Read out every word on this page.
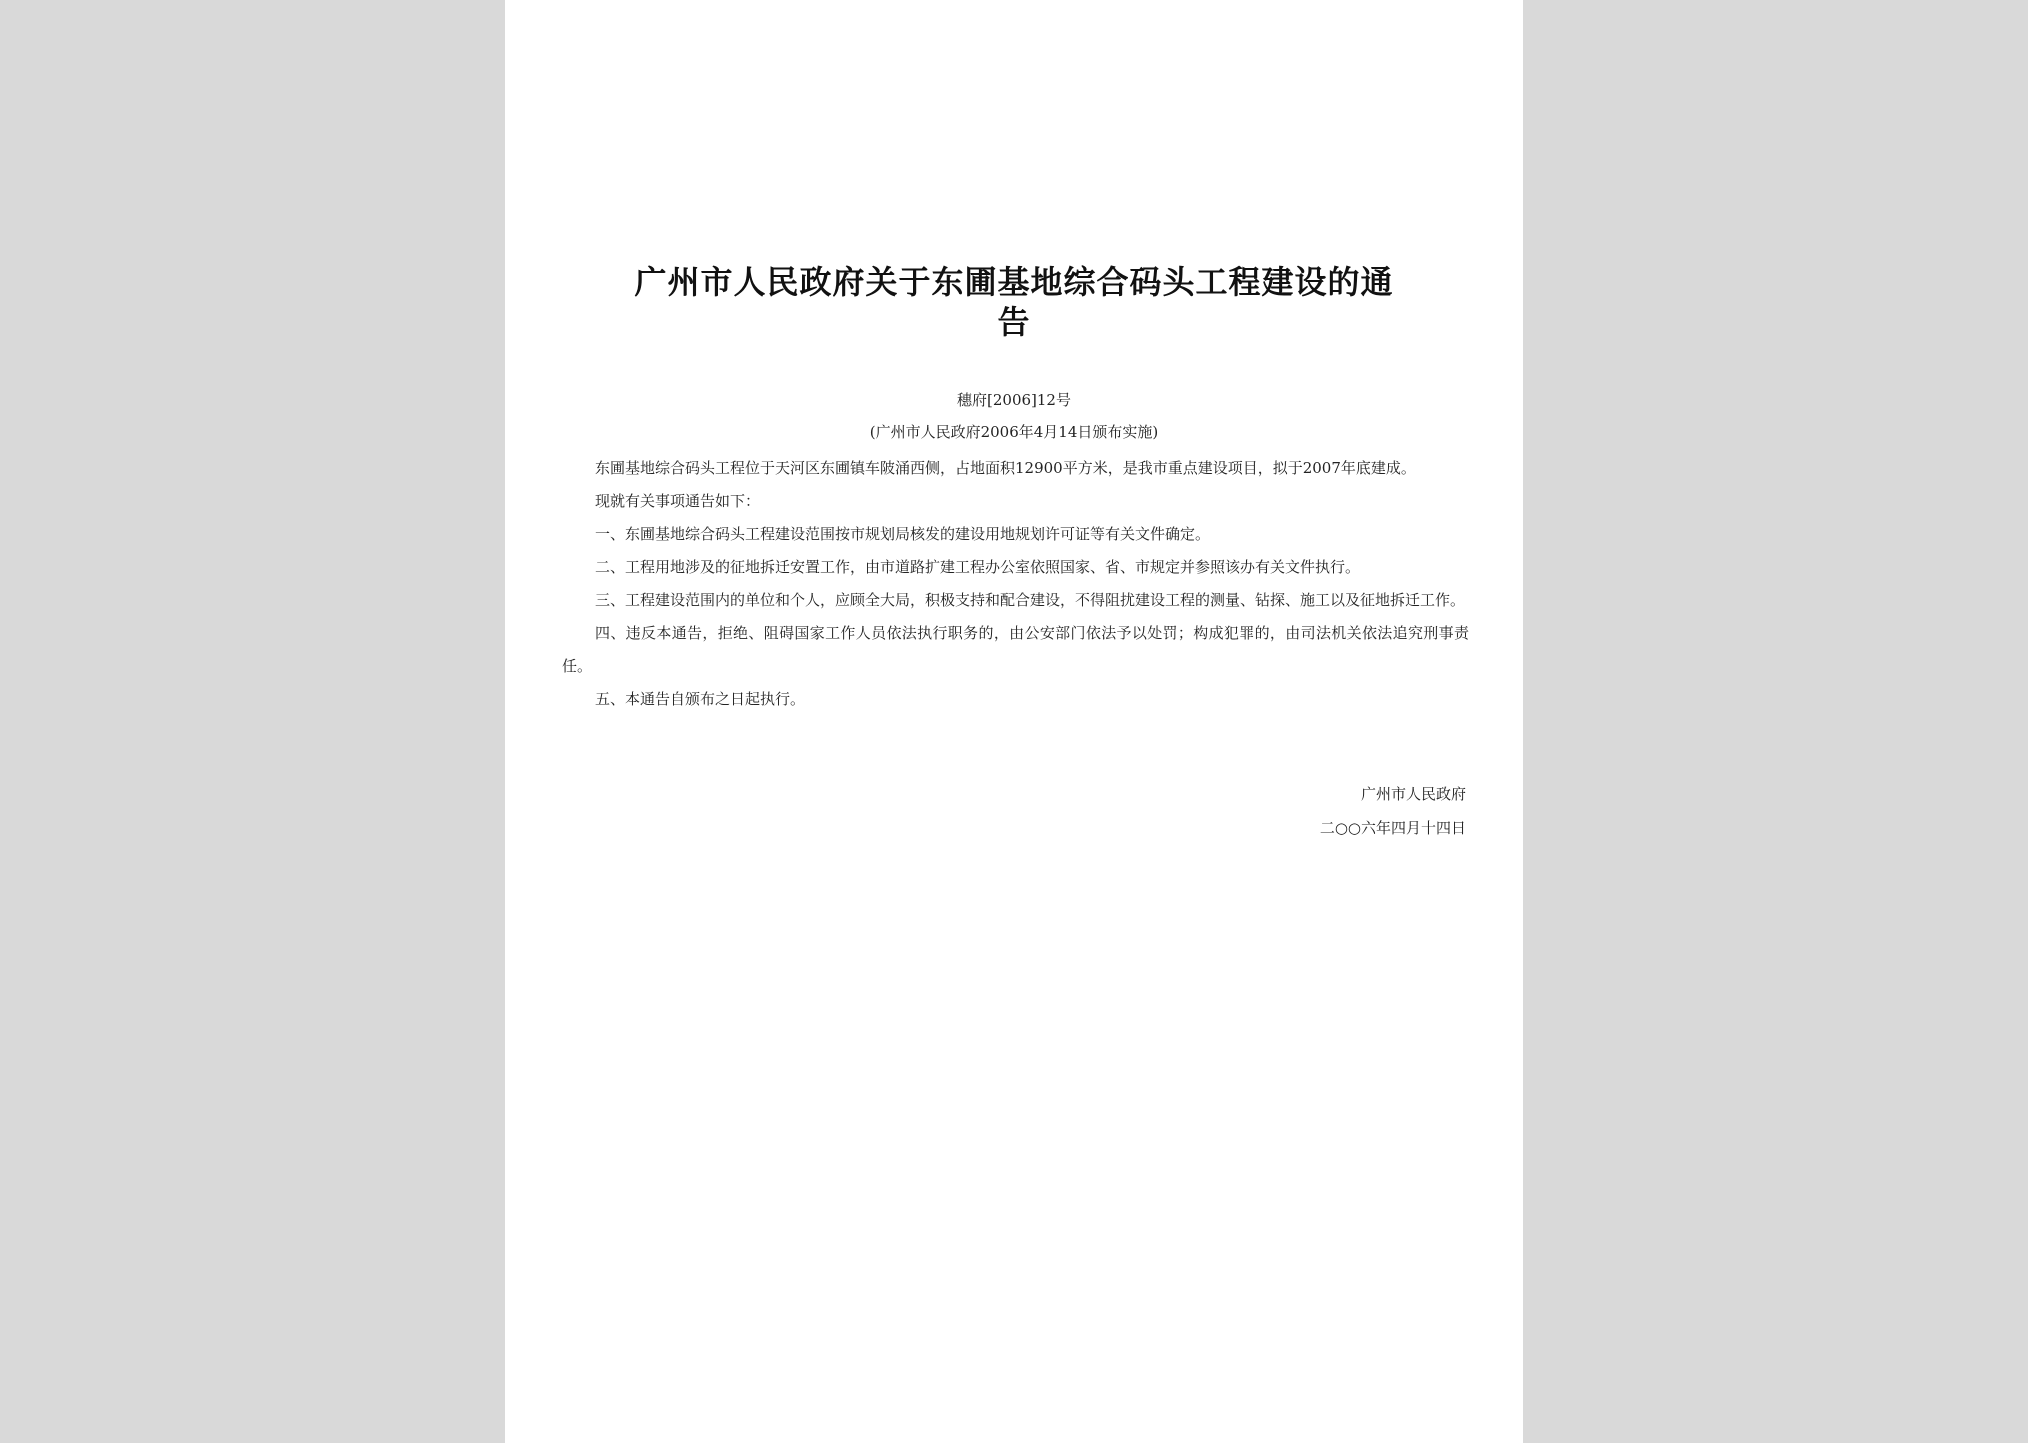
广州市人民政府关于东圃基地综合码头工程建设的通
告
穗府[2006]12号
(广州市人民政府2006年4月14日颁布实施)

东圃基地综合码头工程位于天河区东圃镇车陂涌西侧，占地面积12900平方米，是我市重点建设项目，拟于2007年底建成。

现就有关事项通告如下：

一、东圃基地综合码头工程建设范围按市规划局核发的建设用地规划许可证等有关文件确定。

二、工程用地涉及的征地拆迁安置工作，由市道路扩建工程办公室依照国家、省、市规定并参照该办有关文件执行。

三、工程建设范围内的单位和个人，应顾全大局，积极支持和配合建设，不得阻扰建设工程的测量、钻探、施工以及征地拆迁工作。

四、违反本通告，拒绝、阻碍国家工作人员依法执行职务的，由公安部门依法予以处罚；构成犯罪的，由司法机关依法追究刑事责任。

五、本通告自颁布之日起执行。

广州市人民政府
二○○六年四月十四日
